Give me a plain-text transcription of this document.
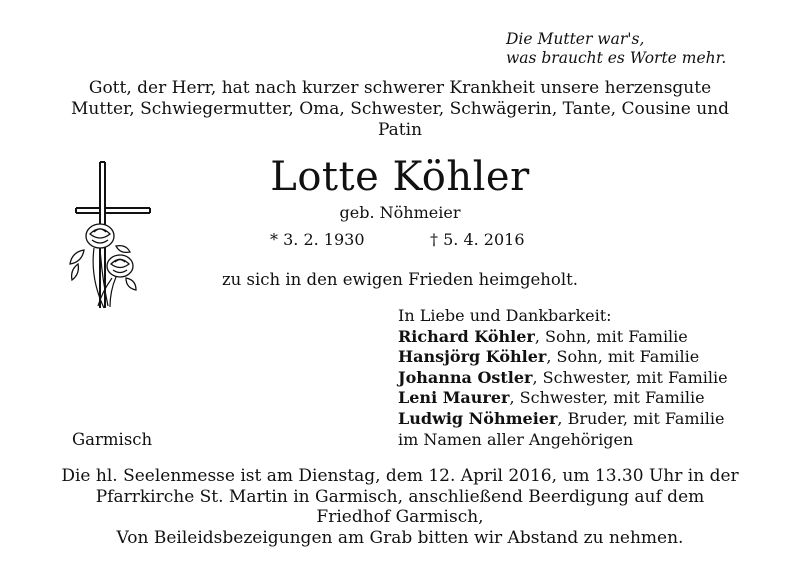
Die Mutter war's,
was braucht es Worte mehr.
Gott, der Herr, hat nach kurzer schwerer Krankheit unsere herzensgute
Mutter, Schwiegermutter, Oma, Schwester, Schwägerin, Tante, Cousine und
Patin
Lotte Köhler
geb. Nöhmeier
* 3. 2. 1930	† 5. 4. 2016
zu sich in den ewigen Frieden heimgeholt.
In Liebe und Dankbarkeit:
Richard Köhler, Sohn, mit Familie
Hansjörg Köhler, Sohn, mit Familie
Johanna Ostler, Schwester, mit Familie
Leni Maurer, Schwester, mit Familie
Ludwig Nöhmeier, Bruder, mit Familie
im Namen aller Angehörigen
Garmisch
Die hl. Seelenmesse ist am Dienstag, dem 12. April 2016, um 13.30 Uhr in der
Pfarrkirche St. Martin in Garmisch, anschließend Beerdigung auf dem
Friedhof Garmisch,
Von Beileidsbezeigungen am Grab bitten wir Abstand zu nehmen.
